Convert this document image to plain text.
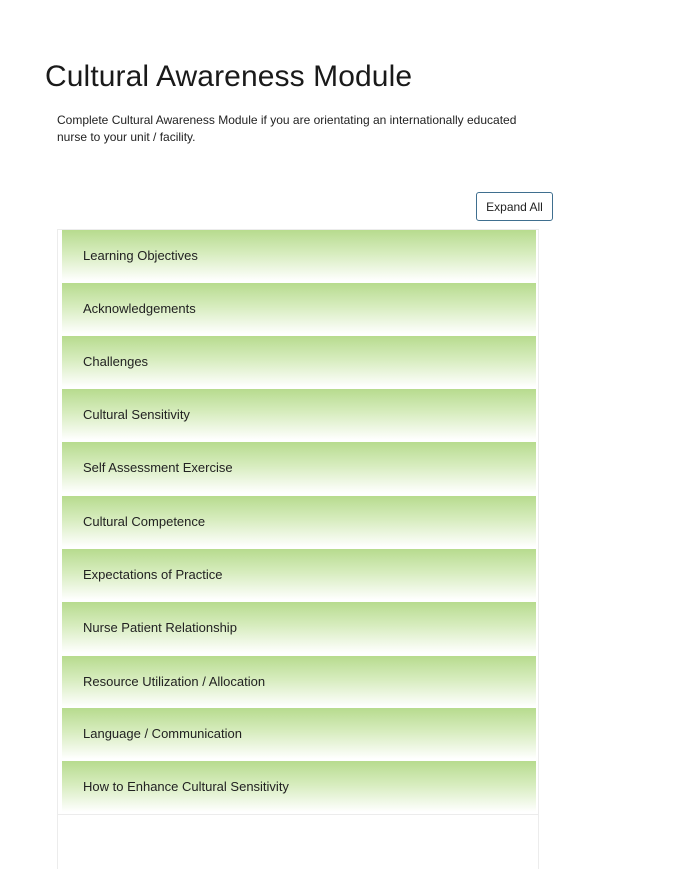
Cultural Awareness Module
Complete Cultural Awareness Module if you are orientating an internationally educated nurse to your unit / facility.
Expand All
Learning Objectives
Acknowledgements
Challenges
Cultural Sensitivity
Self Assessment Exercise
Cultural Competence
Expectations of Practice
Nurse Patient Relationship
Resource Utilization / Allocation
Language / Communication
How to Enhance Cultural Sensitivity
